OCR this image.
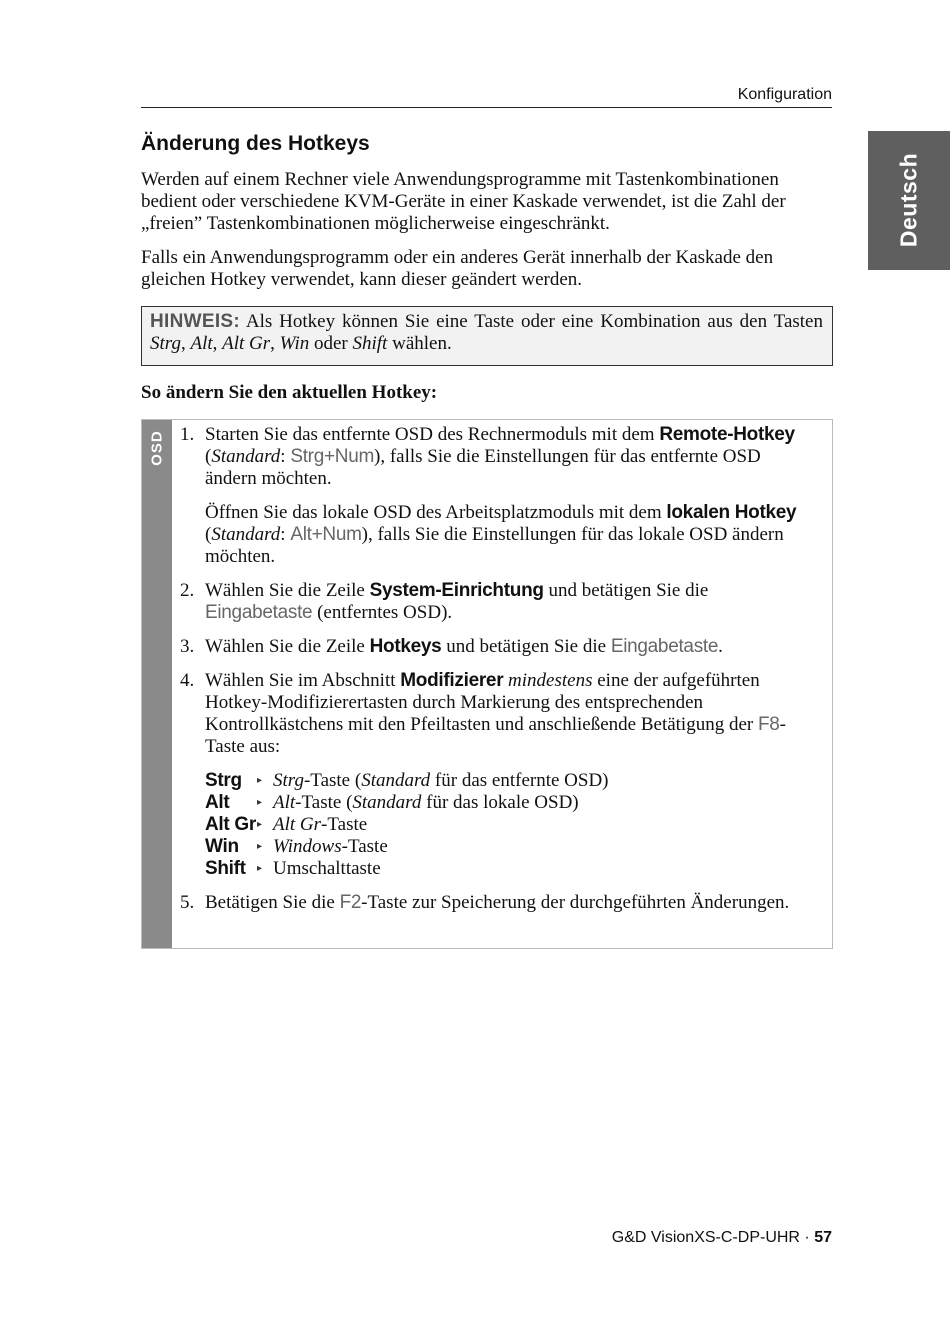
Konfiguration
Deutsch
Änderung des Hotkeys

Werden auf einem Rechner viele Anwendungsprogramme mit Tastenkombinationen bedient oder verschiedene KVM-Geräte in einer Kaskade verwendet, ist die Zahl der „freien” Tastenkombinationen möglicherweise eingeschränkt.

Falls ein Anwendungsprogramm oder ein anderes Gerät innerhalb der Kaskade den gleichen Hotkey verwendet, kann dieser geändert werden.

HINWEIS: Als Hotkey können Sie eine Taste oder eine Kombination aus den Tasten Strg, Alt, Alt Gr, Win oder Shift wählen.
So ändern Sie den aktuellen Hotkey:
OSD 1. Starten Sie das entfernte OSD des Rechnermoduls mit dem Remote-Hotkey (Standard: Strg+Num), falls Sie die Einstellungen für das entfernte OSD ändern möchten.

Öffnen Sie das lokale OSD des Arbeitsplatzmoduls mit dem lokalen Hotkey (Standard: Alt+Num), falls Sie die Einstellungen für das lokale OSD ändern möchten.

2. Wählen Sie die Zeile System-Einrichtung und betätigen Sie die Eingabetaste (entferntes OSD).

3. Wählen Sie die Zeile Hotkeys und betätigen Sie die Eingabetaste.

4. Wählen Sie im Abschnitt Modifizierer mindestens eine der aufgeführten Hotkey-Modifizierertasten durch Markierung des entsprechenden Kontrollkästchens mit den Pfeiltasten und anschließende Betätigung der F8-Taste aus:

Strg	▸ Strg-Taste (Standard für das entfernte OSD)
Alt	▸ Alt-Taste (Standard für das lokale OSD)
Alt Gr ▸ Alt Gr-Taste
Win	▸ Windows-Taste
Shift	▸ Umschalttaste
5. Betätigen Sie die F2-Taste zur Speicherung der durchgeführten Änderungen.

G&D VisionXS-C-DP-UHR · 57
